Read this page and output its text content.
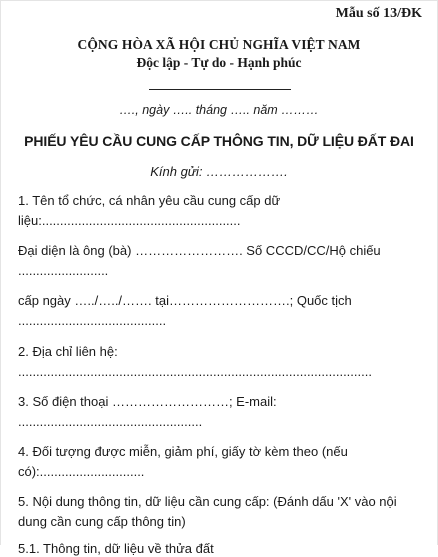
Mẫu số 13/ĐK
CỘNG HÒA XÃ HỘI CHỦ NGHĨA VIỆT NAM
Độc lập - Tự do - Hạnh phúc
…., ngày ….. tháng ….. năm ………
PHIẾU YÊU CẦU CUNG CẤP THÔNG TIN, DỮ LIỆU ĐẤT ĐAI
Kính gửi: ……………….
1. Tên tổ chức, cá nhân yêu cầu cung cấp dữ
liệu:.......................................................
Đại diện là ông (bà) ……………………. Số CCCD/CC/Hộ chiếu
.........................
cấp ngày …../…../……. tại……………………….; Quốc tịch
.........................................
2. Địa chỉ liên hệ:
..................................................................................................
3. Số điện thoại ………………………; E-mail:
...................................................
4. Đối tượng được miễn, giảm phí, giấy tờ kèm theo (nếu
có):.............................
5. Nội dung thông tin, dữ liệu cần cung cấp: (Đánh dấu 'X' vào nội
dung cần cung cấp thông tin)
5.1. Thông tin, dữ liệu về thửa đất
